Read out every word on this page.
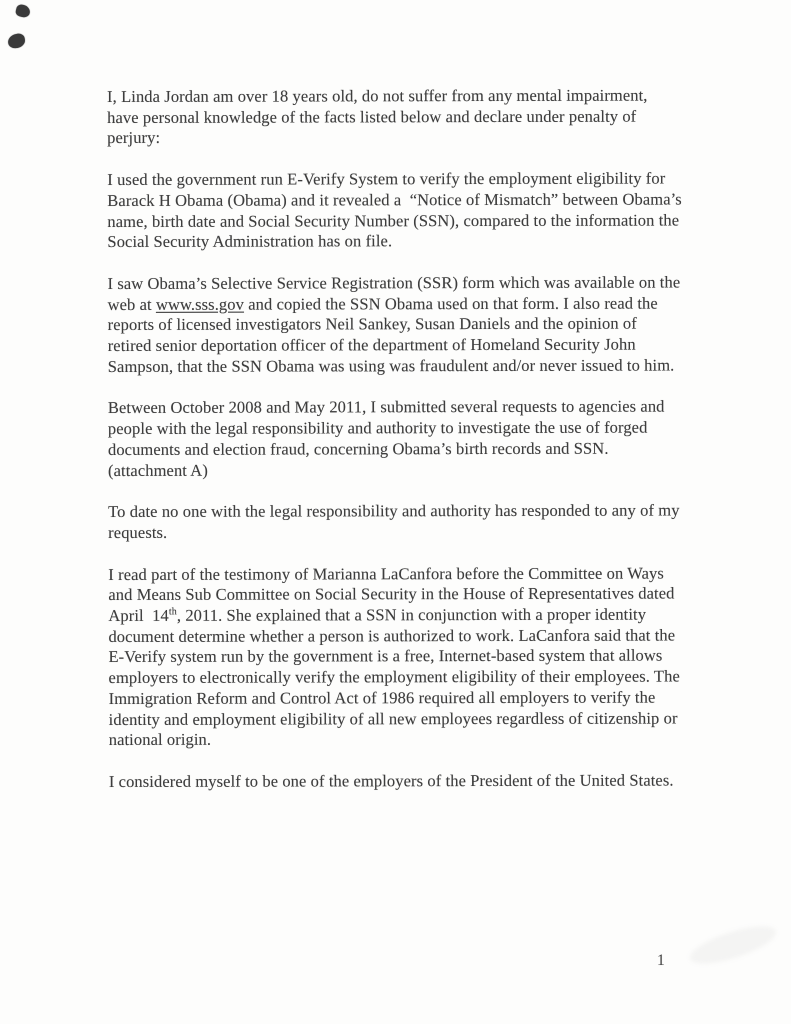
I, Linda Jordan am over 18 years old, do not suffer from any mental impairment, have personal knowledge of the facts listed below and declare under penalty of perjury:

I used the government run E-Verify System to verify the employment eligibility for Barack H Obama (Obama) and it revealed a  “Notice of Mismatch” between Obama’s name, birth date and Social Security Number (SSN), compared to the information the Social Security Administration has on file.

I saw Obama’s Selective Service Registration (SSR) form which was available on the web at www.sss.gov and copied the SSN Obama used on that form. I also read the reports of licensed investigators Neil Sankey, Susan Daniels and the opinion of retired senior deportation officer of the department of Homeland Security John Sampson, that the SSN Obama was using was fraudulent and/or never issued to him.

Between October 2008 and May 2011, I submitted several requests to agencies and people with the legal responsibility and authority to investigate the use of forged documents and election fraud, concerning Obama’s birth records and SSN. (attachment A)

To date no one with the legal responsibility and authority has responded to any of my requests.

I read part of the testimony of Marianna LaCanfora before the Committee on Ways and Means Sub Committee on Social Security in the House of Representatives dated April  14th, 2011. She explained that a SSN in conjunction with a proper identity document determine whether a person is authorized to work. LaCanfora said that the E-Verify system run by the government is a free, Internet-based system that allows employers to electronically verify the employment eligibility of their employees. The Immigration Reform and Control Act of 1986 required all employers to verify the identity and employment eligibility of all new employees regardless of citizenship or national origin.

I considered myself to be one of the employers of the President of the United States.

1
